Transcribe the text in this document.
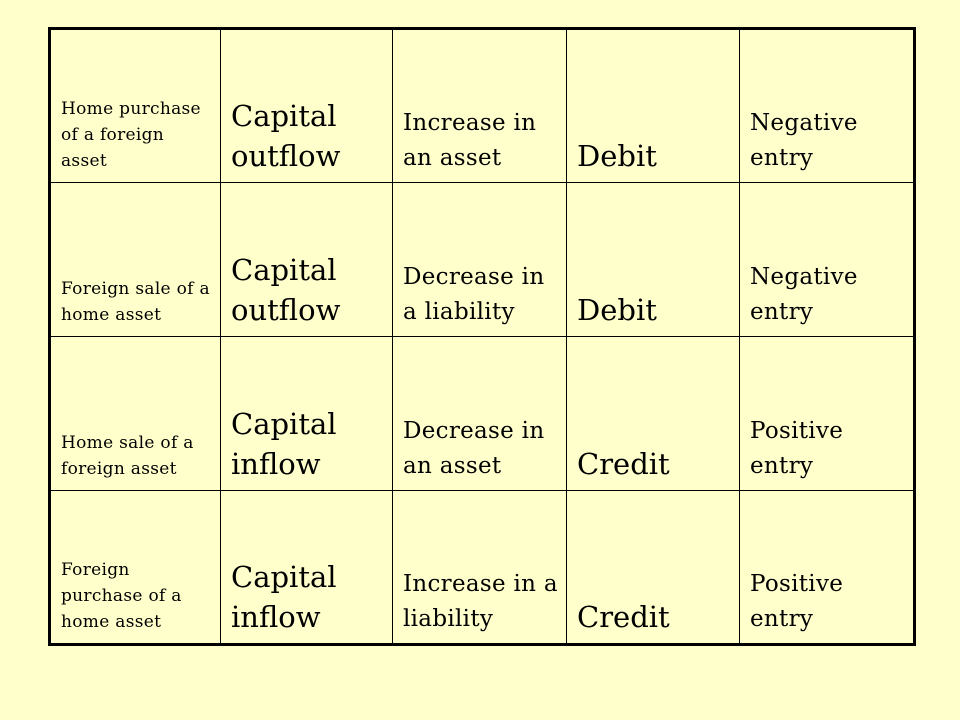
Home purchase of a foreign asset	Capital outflow	Increase in an asset	Debit	Negative entry
Foreign sale of a home asset	Capital outflow	Decrease in a liability	Debit	Negative entry
Home sale of a foreign asset	Capital inflow	Decrease in an asset	Credit	Positive entry
Foreign purchase of a home asset	Capital inflow	Increase in a liability	Credit	Positive entry
